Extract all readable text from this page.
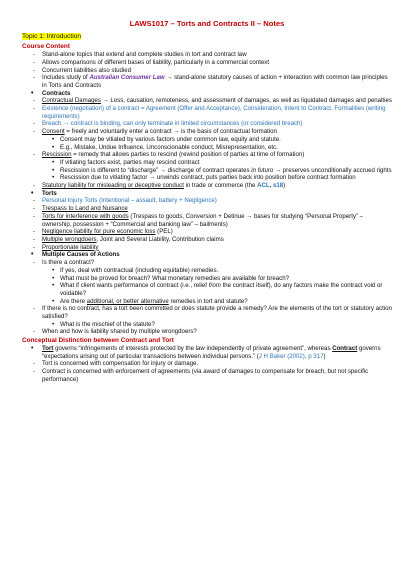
LAWS1017 – Torts and Contracts II – Notes
Topic 1: Introduction
Course Content
- Stand-alone topics that extend and complete studies in tort and contract law
- Allows comparisons of different bases of liability, particularly in a commercial context
- Concurrent liabilities also studied
- Includes study of Australian Consumer Law → stand-alone statutory causes of action + interaction with common law principles in Torts and Contracts
• Contracts
- Contractual Damages → Loss, causation, remoteness, and assessment of damages, as well as liquidated damages and penalties
- Existence (negotiation) of a contract = Agreement (Offer and Acceptance), Consideration, Intent to Contract, Formalities (writing requirements)
- Breach → contract is binding, can only terminate in limited circumstances (or considered breach)
- Consent = freely and voluntarily enter a contract → is the basis of contractual formation
• Consent may be vitiated by various factors under common law, equity and statute.
• E.g., Mistake, Unduе Influence, Unconscionable conduct, Misrepresentation, etc.
- Rescission = remedy that allows parties to rescind (rewind position of parties at time of formation)
• If vitiating factors exist, parties may rescind contract
• Rescission is different to “discharge” → discharge of contract operates in futuro → preserves unconditionally accrued rights
• Rescission due to vitiating factor → unwinds contract, puts parties back into position before contract formation
- Statutory liability for misleading or deceptive conduct in trade or commerce (the ACL, s18)
• Torts
- Personal Injury Torts (Intentional – assault, battery + Negligence)
- Trespass to Land and Nuisance
- Torts for interference with goods (Trespass to goods, Conversion + Detinue → bases for studying “Personal Property” – ownership, possession + “Commercial and banking law” – bailments)
- Negligence liability for pure economic loss (PEL)
- Multiple wrongdoers, Joint and Several Liability, Contribution claims
- Proportionate liability
• Multiple Causes of Actions
- Is there a contract?
• If yes, deal with contractual (including equitable) remedies.
• What must be proved for breach? What monetary remedies are available for breach?
• What if client wants performance of contract (i.e., relief from the contract itself), do any factors make the contract void or voidable?
• Are there additional, or better alternative remedies in tort and statute?
- If there is no contract, has a tort been committed or does statute provide a remedy? Are the elements of the tort or statutory action satisfied?
• What is the mischief of the statute?
- When and how is liability shared by multiple wrongdoers?
Conceptual Distinction between Contract and Tort
• Tort governs “infringements of interests protected by the law independently of private agreement”, whereas Contract governs “expectations arising out of particular transactions between individual persons.” (J H Baker (2002), p 317)
- Tort is concerned with compensation for injury or damage.
- Contract is concerned with enforcement of agreements (via award of damages to compensate for breach, but not specific performance)
